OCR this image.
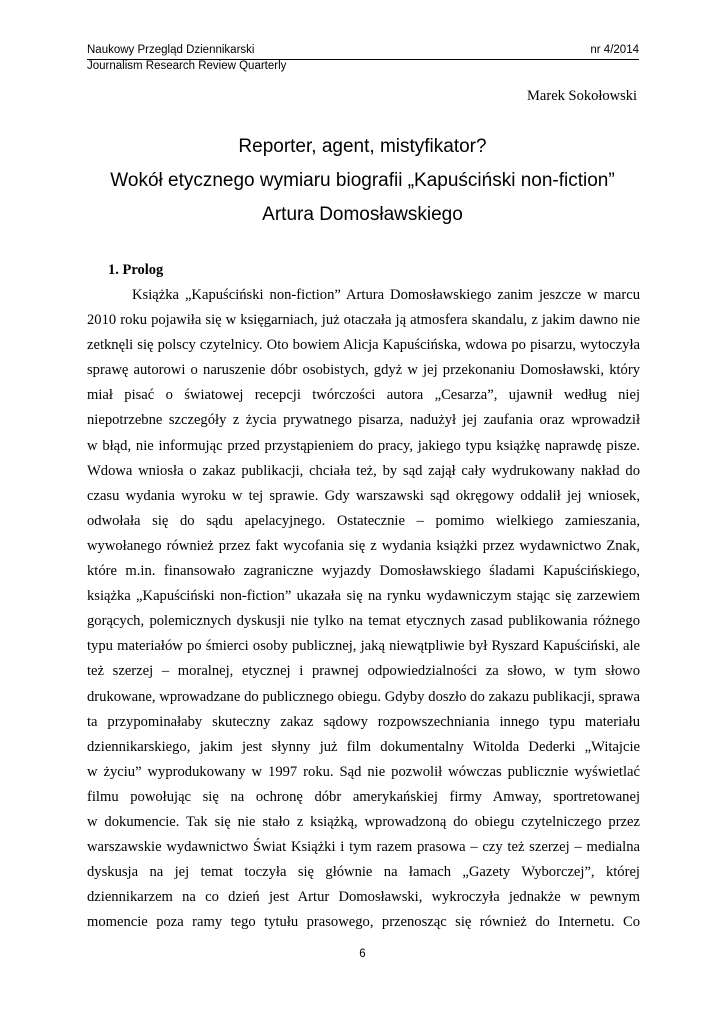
Naukowy Przegląd Dziennikarski	nr 4/2014
Journalism Research Review Quarterly
Marek Sokołowski
Reporter, agent, mistyfikator?
Wokół etycznego wymiaru biografii „Kapuściński non-fiction”
Artura Domosławskiego
1. Prolog
Książka „Kapuściński non-fiction” Artura Domosławskiego zanim jeszcze w marcu
2010 roku pojawiła się w księgarniach, już otaczała ją atmosfera skandalu, z jakim dawno nie
zetknęli się polscy czytelnicy. Oto bowiem Alicja Kapuścińska, wdowa po pisarzu, wytoczyła
sprawę autorowi o naruszenie dóbr osobistych, gdyż w jej przekonaniu Domosławski, który
miał pisać o światowej recepcji twórczości autora „Cesarza”, ujawnił według niej
niepotrzebne szczegóły z życia prywatnego pisarza, nadużył jej zaufania oraz wprowadził
w błąd, nie informując przed przystąpieniem do pracy, jakiego typu książkę naprawdę pisze.
Wdowa wniosła o zakaz publikacji, chciała też, by sąd zajął cały wydrukowany nakład do
czasu wydania wyroku w tej sprawie. Gdy warszawski sąd okręgowy oddalił jej wniosek,
odwołała się do sądu apelacyjnego. Ostatecznie – pomimo wielkiego zamieszania,
wywołanego również przez fakt wycofania się z wydania książki przez wydawnictwo Znak,
które m.in. finansowało zagraniczne wyjazdy Domosławskiego śladami Kapuścińskiego,
książka „Kapuściński non-fiction” ukazała się na rynku wydawniczym stając się zarzewiem
gorących, polemicznych dyskusji nie tylko na temat etycznych zasad publikowania różnego
typu materiałów po śmierci osoby publicznej, jaką niewątpliwie był Ryszard Kapuściński, ale
też szerzej – moralnej, etycznej i prawnej odpowiedzialności za słowo, w tym słowo
drukowane, wprowadzane do publicznego obiegu. Gdyby doszło do zakazu publikacji, sprawa
ta przypominałaby skuteczny zakaz sądowy rozpowszechniania innego typu materiału
dziennikarskiego, jakim jest słynny już film dokumentalny Witolda Dederki „Witajcie
w życiu” wyprodukowany w 1997 roku. Sąd nie pozwolił wówczas publicznie wyświetlać
filmu powołując się na ochronę dóbr amerykańskiej firmy Amway, sportretowanej
w dokumencie. Tak się nie stało z książką, wprowadzoną do obiegu czytelniczego przez
warszawskie wydawnictwo Świat Książki i tym razem prasowa – czy też szerzej – medialna
dyskusja na jej temat toczyła się głównie na łamach „Gazety Wyborczej”, której
dziennikarzem na co dzień jest Artur Domosławski, wykroczyła jednakże w pewnym
momencie poza ramy tego tytułu prasowego, przenosząc się również do Internetu. Co
6
